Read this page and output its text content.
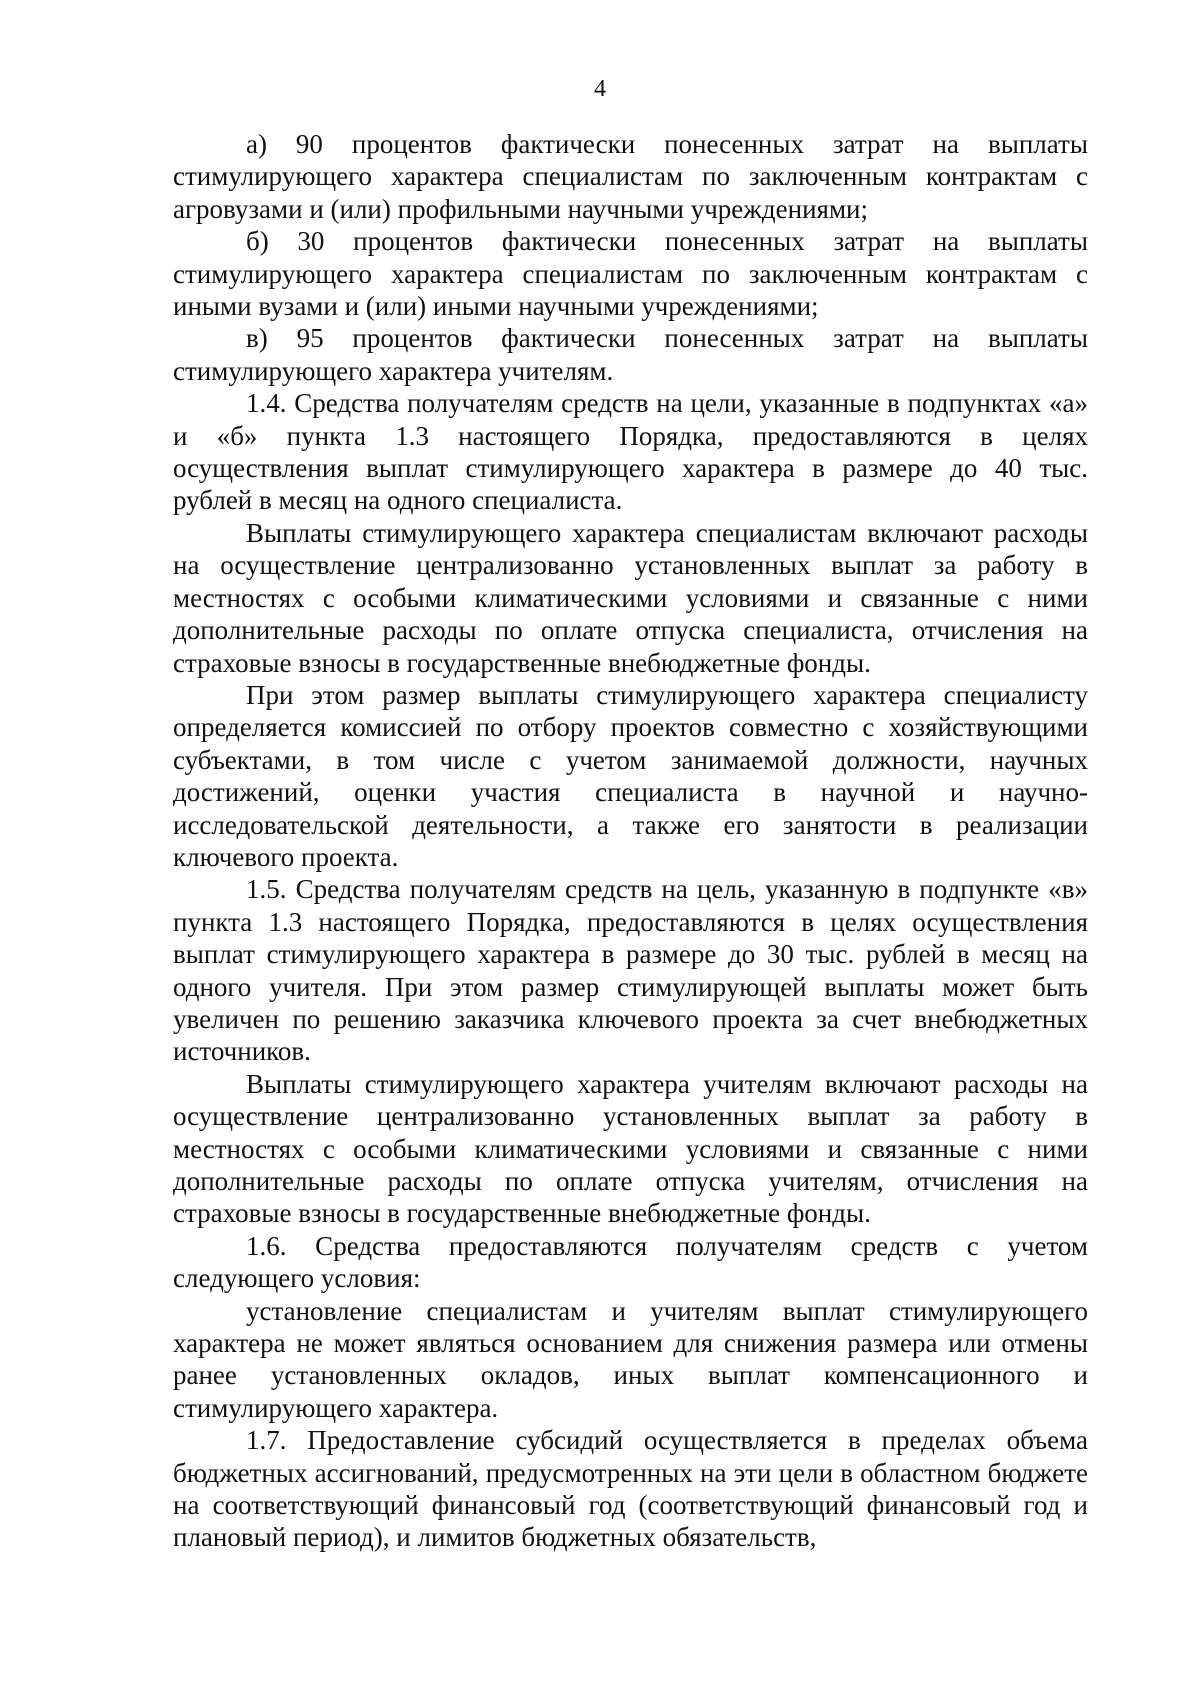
4

а) 90 процентов фактически понесенных затрат на выплаты стимулирующего характера специалистам по заключенным контрактам с агровузами и (или) профильными научными учреждениями;

б) 30 процентов фактически понесенных затрат на выплаты стимулирующего характера специалистам по заключенным контрактам с иными вузами и (или) иными научными учреждениями;

в) 95 процентов фактически понесенных затрат на выплаты стимулирующего характера учителям.

1.4. Средства получателям средств на цели, указанные в подпунктах «а» и «б» пункта 1.3 настоящего Порядка, предоставляются в целях осуществления выплат стимулирующего характера в размере до 40 тыс. рублей в месяц на одного специалиста.

Выплаты стимулирующего характера специалистам включают расходы на осуществление централизованно установленных выплат за работу в местностях с особыми климатическими условиями и связанные с ними дополнительные расходы по оплате отпуска специалиста, отчисления на страховые взносы в государственные внебюджетные фонды.

При этом размер выплаты стимулирующего характера специалисту определяется комиссией по отбору проектов совместно с хозяйствующими субъектами, в том числе с учетом занимаемой должности, научных достижений, оценки участия специалиста в научной и научно-исследовательской деятельности, а также его занятости в реализации ключевого проекта.

1.5. Средства получателям средств на цель, указанную в подпункте «в» пункта 1.3 настоящего Порядка, предоставляются в целях осуществления выплат стимулирующего характера в размере до 30 тыс. рублей в месяц на одного учителя. При этом размер стимулирующей выплаты может быть увеличен по решению заказчика ключевого проекта за счет внебюджетных источников.

Выплаты стимулирующего характера учителям включают расходы на осуществление централизованно установленных выплат за работу в местностях с особыми климатическими условиями и связанные с ними дополнительные расходы по оплате отпуска учителям, отчисления на страховые взносы в государственные внебюджетные фонды.

1.6. Средства предоставляются получателям средств с учетом следующего условия:

установление специалистам и учителям выплат стимулирующего характера не может являться основанием для снижения размера или отмены ранее установленных окладов, иных выплат компенсационного и стимулирующего характера.

1.7. Предоставление субсидий осуществляется в пределах объема бюджетных ассигнований, предусмотренных на эти цели в областном бюджете на соответствующий финансовый год (соответствующий финансовый год и плановый период), и лимитов бюджетных обязательств,
